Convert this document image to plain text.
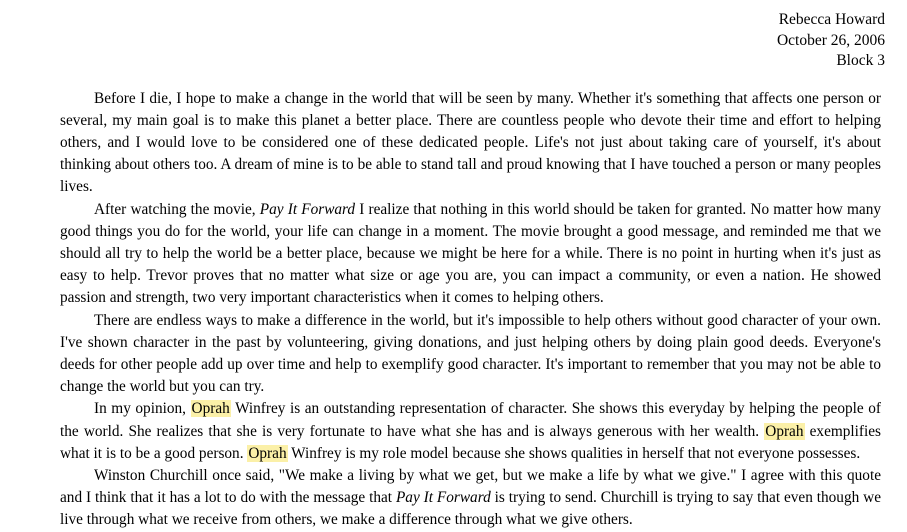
Rebecca Howard
October 26, 2006
Block 3

Before I die, I hope to make a change in the world that will be seen by many. Whether it's something that affects one person or several, my main goal is to make this planet a better place. There are countless people who devote their time and effort to helping others, and I would love to be considered one of these dedicated people. Life's not just about taking care of yourself, it's about thinking about others too. A dream of mine is to be able to stand tall and proud knowing that I have touched a person or many peoples lives.

After watching the movie, Pay It Forward I realize that nothing in this world should be taken for granted. No matter how many good things you do for the world, your life can change in a moment. The movie brought a good message, and reminded me that we should all try to help the world be a better place, because we might be here for a while. There is no point in hurting when it's just as easy to help. Trevor proves that no matter what size or age you are, you can impact a community, or even a nation. He showed passion and strength, two very important characteristics when it comes to helping others.

There are endless ways to make a difference in the world, but it's impossible to help others without good character of your own. I've shown character in the past by volunteering, giving donations, and just helping others by doing plain good deeds. Everyone's deeds for other people add up over time and help to exemplify good character. It's important to remember that you may not be able to change the world but you can try.

In my opinion, Oprah Winfrey is an outstanding representation of character. She shows this everyday by helping the people of the world. She realizes that she is very fortunate to have what she has and is always generous with her wealth. Oprah exemplifies what it is to be a good person. Oprah Winfrey is my role model because she shows qualities in herself that not everyone possesses.

Winston Churchill once said, "We make a living by what we get, but we make a life by what we give." I agree with this quote and I think that it has a lot to do with the message that Pay It Forward is trying to send. Churchill is trying to say that even though we live through what we receive from others, we make a difference through what we give others.
